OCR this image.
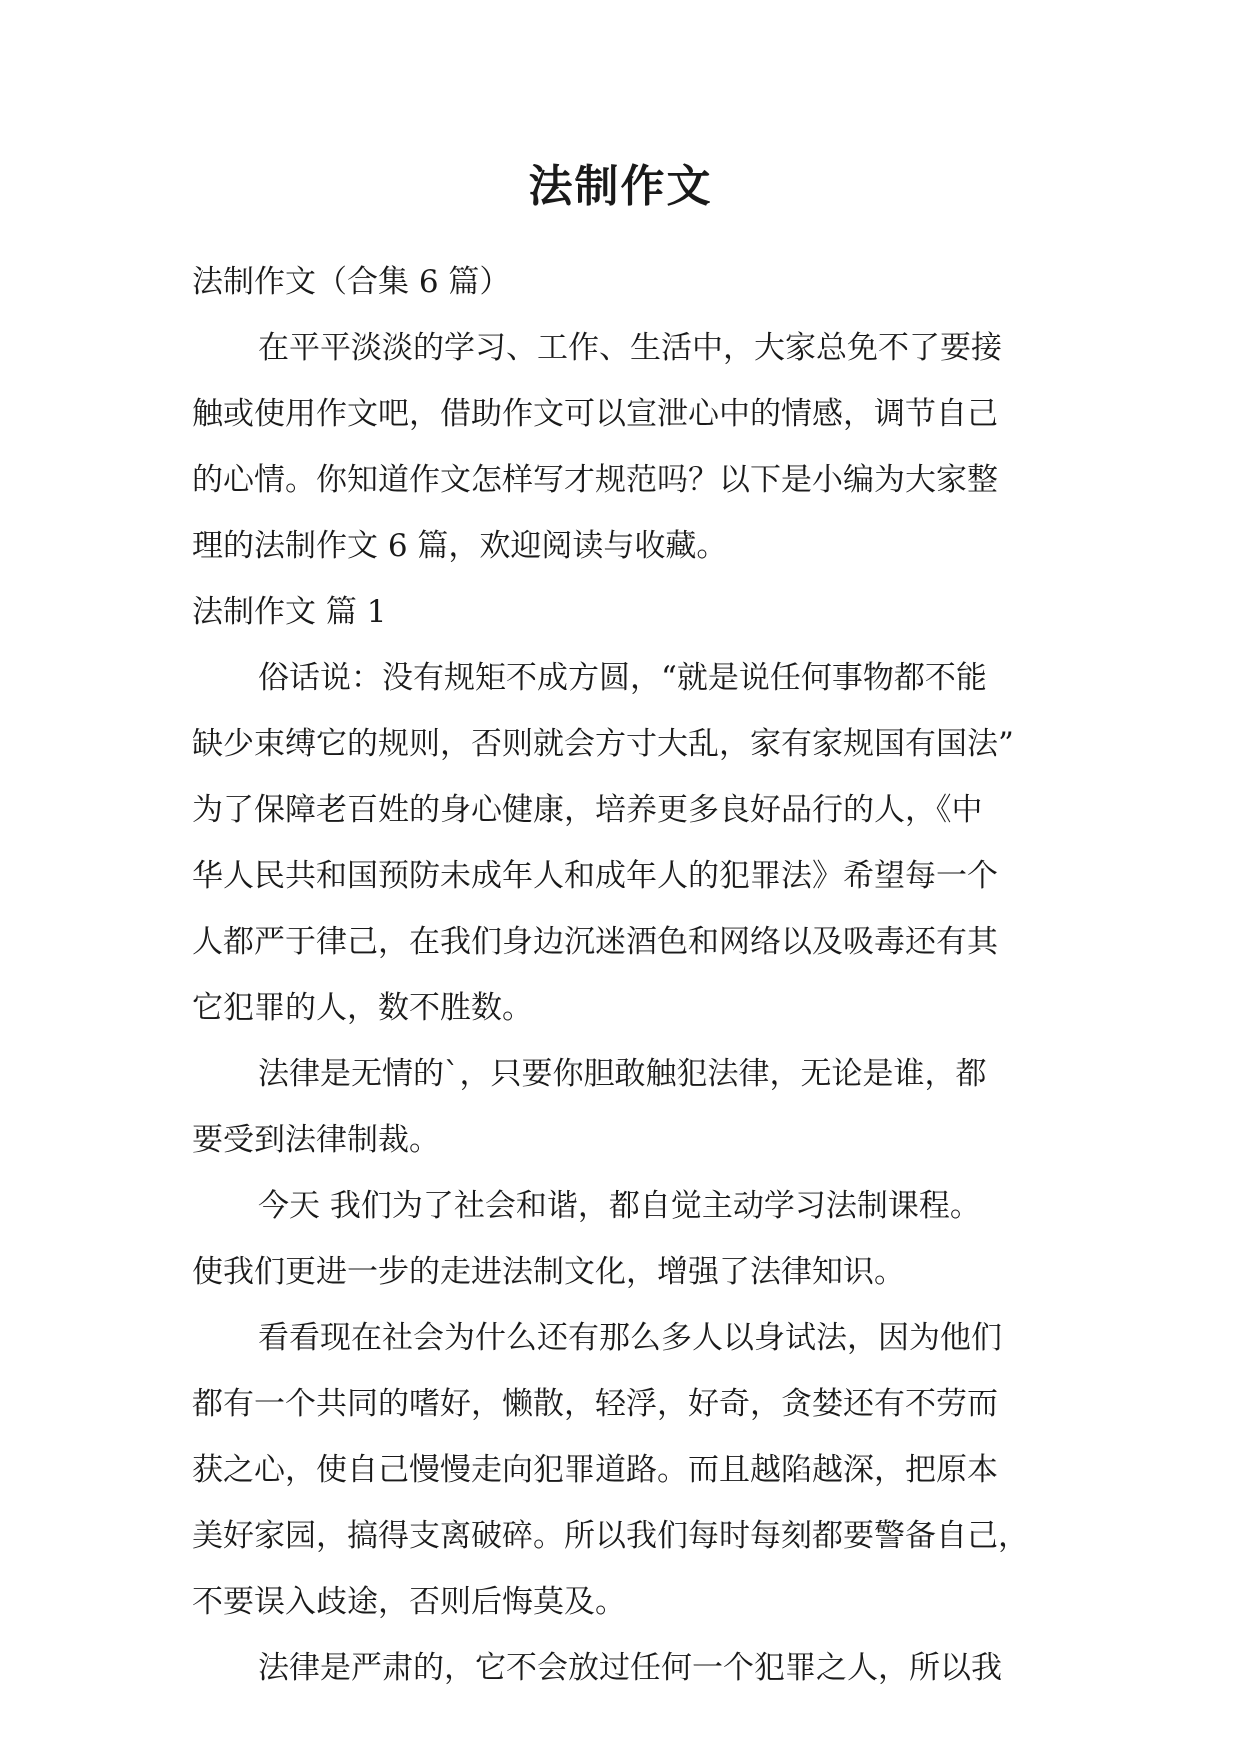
法制作文
法制作文（合集 6 篇）
在平平淡淡的学习、工作、生活中，大家总免不了要接
触或使用作文吧，借助作文可以宣泄心中的情感，调节自己
的心情。你知道作文怎样写才规范吗？以下是小编为大家整
理的法制作文 6 篇，欢迎阅读与收藏。
法制作文 篇 1
俗话说：没有规矩不成方圆，“就是说任何事物都不能
缺少束缚它的规则，否则就会方寸大乱，家有家规国有国法”
为了保障老百姓的身心健康，培养更多良好品行的人，《中
华人民共和国预防未成年人和成年人的犯罪法》希望每一个
人都严于律己，在我们身边沉迷酒色和网络以及吸毒还有其
它犯罪的人，数不胜数。
法律是无情的`，只要你胆敢触犯法律，无论是谁，都
要受到法律制裁。
今天 我们为了社会和谐，都自觉主动学习法制课程。
使我们更进一步的走进法制文化，增强了法律知识。
看看现在社会为什么还有那么多人以身试法，因为他们
都有一个共同的嗜好，懒散，轻浮，好奇，贪婪还有不劳而
获之心，使自己慢慢走向犯罪道路。而且越陷越深，把原本
美好家园，搞得支离破碎。所以我们每时每刻都要警备自己，
不要误入歧途，否则后悔莫及。
法律是严肃的，它不会放过任何一个犯罪之人，所以我
